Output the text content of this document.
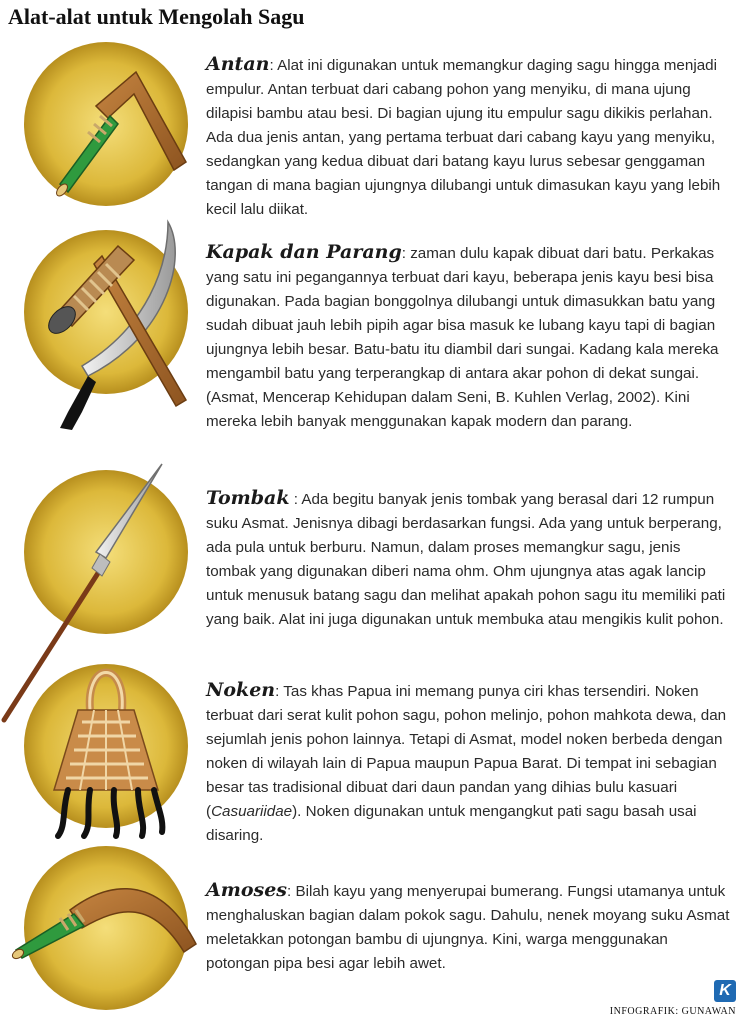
Alat-alat untuk Mengolah Sagu

Antan: Alat ini digunakan untuk memangkur daging sagu hingga menjadi empulur. Antan terbuat dari cabang pohon yang menyiku, di mana ujung dilapisi bambu atau besi. Di bagian ujung itu empulur sagu dikikis perlahan. Ada dua jenis antan, yang pertama terbuat dari cabang kayu yang menyiku, sedangkan yang kedua dibuat dari batang kayu lurus sebesar genggaman tangan di mana bagian ujungnya dilubangi untuk dimasukan kayu yang lebih kecil lalu diikat.

Kapak dan Parang: zaman dulu kapak dibuat dari batu. Perkakas yang satu ini pegangannya terbuat dari kayu, beberapa jenis kayu besi bisa digunakan. Pada bagian bonggolnya dilubangi untuk dimasukkan batu yang sudah dibuat jauh lebih pipih agar bisa masuk ke lubang kayu tapi di bagian ujungnya lebih besar. Batu-batu itu diambil dari sungai. Kadang kala mereka mengambil batu yang terperangkap di antara akar pohon di dekat sungai. (Asmat, Mencerap Kehidupan dalam Seni, B. Kuhlen Verlag, 2002). Kini mereka lebih banyak menggunakan kapak modern dan parang.

Tombak : Ada begitu banyak jenis tombak yang berasal dari 12 rumpun suku Asmat. Jenisnya dibagi berdasarkan fungsi. Ada yang untuk berperang, ada pula untuk berburu. Namun, dalam proses memangkur sagu, jenis tombak yang digunakan diberi nama ohm. Ohm ujungnya atas agak lancip untuk menusuk batang sagu dan melihat apakah pohon sagu itu memiliki pati yang baik. Alat ini juga digunakan untuk membuka atau mengikis kulit pohon.

Noken: Tas khas Papua ini memang punya ciri khas tersendiri. Noken terbuat dari serat kulit pohon sagu, pohon melinjo, pohon mahkota dewa, dan sejumlah jenis pohon lainnya. Tetapi di Asmat, model noken berbeda dengan noken di wilayah lain di Papua maupun Papua Barat. Di tempat ini sebagian besar tas tradisional dibuat dari daun pandan yang dihias bulu kasuari (Casuariidae). Noken digunakan untuk mengangkut pati sagu basah usai disaring.

Amoses: Bilah kayu yang menyerupai bumerang. Fungsi utamanya untuk menghaluskan bagian dalam pokok sagu. Dahulu, nenek moyang suku Asmat meletakkan potongan bambu di ujungnya. Kini, warga menggunakan potongan pipa besi agar lebih awet.

K
INFOGRAFIK: GUNAWAN
